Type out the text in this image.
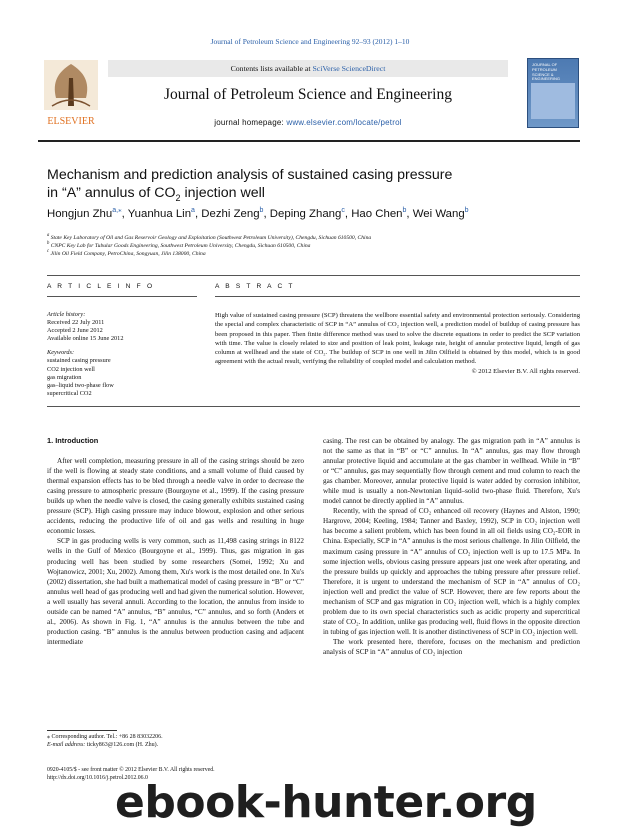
Journal of Petroleum Science and Engineering 92–93 (2012) 1–10
ELSEVIER
Contents lists available at SciVerse ScienceDirect
Journal of Petroleum Science and Engineering
journal homepage: www.elsevier.com/locate/petrol
JOURNAL OF PETROLEUM SCIENCE & ENGINEERING
Mechanism and prediction analysis of sustained casing pressure
in “A” annulus of $CO_2$ injection well
Hongjun Zhu$^{a,⁎}$, Yuanhua Lin$^a$, Dezhi Zeng$^b$, Deping Zhang$^c$, Hao Chen$^b$, Wei Wang$^b$
$^a$ State Key Laboratory of Oil and Gas Reservoir Geology and Exploitation (Southwest Petroleum University), Chengdu, Sichuan 610500, China
$^b$ CNPC Key Lab for Tubular Goods Engineering, Southwest Petroleum University, Chengdu, Sichuan 610500, China
$^c$ Jilin Oil Field Company, PetroChina, Songyuan, Jilin 138000, China
A R T I C L E I N F O	A B S T R A C T
Article history:
Received 22 July 2011
Accepted 2 June 2012
Available online 15 June 2012
Keywords:
sustained casing pressure
CO2 injection well
gas migration
gas–liquid two-phase flow
supercritical CO2
High value of sustained casing pressure (SCP) threatens the wellbore essential safety and environmental protection seriously. Considering the special and complex characteristic of SCP in “A” annulus of CO₂ injection well, a prediction model of buildup of casing pressure has been proposed in this paper. Then finite difference method was used to solve the discrete equations in order to predict the SCP variation with time. The value is closely related to size and position of leak point, leakage rate, height of annular protective liquid, length of gas column at wellhead and the state of CO₂. The buildup of SCP in one well in Jilin Oilfield is obtained by this model, which is in good agreement with the actual result, verifying the reliability of coupled model and calculation method.
© 2012 Elsevier B.V. All rights reserved.
1. Introduction

After well completion, measuring pressure in all of the casing strings should be zero if the well is flowing at steady state conditions, and a small volume of fluid caused by thermal expansion effects has to be bled through a needle valve in order to decrease the casing pressure to atmospheric pressure (Bourgoyne et al., 1999). If the casing pressure builds up when the needle valve is closed, the casing generally exhibits sustained casing pressure (SCP). High casing pressure may induce blowout, explosion and other serious accidents, reducing the productive life of oil and gas wells and resulting in huge economic losses.

SCP in gas producing wells is very common, such as 11,498 casing strings in 8122 wells in the Gulf of Mexico (Bourgoyne et al., 1999). Thus, gas migration in gas producing well has been studied by some researchers (Somei, 1992; Xu and Wojtanowicz, 2001; Xu, 2002). Among them, Xu's work is the most detailed one. In Xu's (2002) dissertation, she had built a mathematical model of casing pressure in “B” or “C” annulus well head of gas producing well and had given the numerical solution. However, a well usually has several annuli. According to the location, the annulus from inside to outside can be named “A” annulus, “B” annulus, “C” annulus, and so forth (Anders et al., 2006). As shown in Fig. 1, “A” annulus is the annulus between the tube and production casing. “B” annulus is the annulus between production casing and adjacent intermediate

casing. The rest can be obtained by analogy. The gas migration path in “A” annulus is not the same as that in “B” or “C” annulus. In “A” annulus, gas may flow through annular protective liquid and accumulate at the gas chamber in wellhead. While in “B” or “C” annulus, gas may sequentially flow through cement and mud column to reach the gas chamber. Moreover, annular protective liquid is water added by corrosion inhibitor, while mud is usually a non-Newtonian liquid–solid two-phase fluid. Therefore, Xu's model cannot be directly applied in “A” annulus.

Recently, with the spread of CO₂ enhanced oil recovery (Haynes and Alston, 1990; Hargrove, 2004; Keeling, 1984; Tanner and Baxley, 1992), SCP in CO₂ injection well has become a salient problem, which has been found in all oil fields using CO₂-EOR in China. Especially, SCP in “A” annulus is the most serious challenge. In Jilin Oilfield, the maximum casing pressure in “A” annulus of CO₂ injection well is up to 17.5 MPa. In some injection wells, obvious casing pressure appears just one week after operating, and the pressure builds up quickly and approaches the tubing pressure after pressure relief. Therefore, it is urgent to understand the mechanism of SCP in “A” annulus of CO₂ injection well and predict the value of SCP. However, there are few reports about the mechanism of SCP and gas migration in CO₂ injection well, which is a highly complex problem due to its own special characteristics such as acidic property and supercritical state of CO₂. In addition, unlike gas producing well, fluid flows in the opposite direction in tubing of gas injection well. It is another distinctiveness of SCP in CO₂ injection well.

The work presented here, therefore, focuses on the mechanism and prediction analysis of SCP in “A” annulus of CO₂ injection

⁎ Corresponding author. Tel.: +86 28 83032206.
E-mail address: ticky863@126.com (H. Zhu).
0920-4105/$ - see front matter © 2012 Elsevier B.V. All rights reserved.
http://dx.doi.org/10.1016/j.petrol.2012.06.0
ebook-hunter.org
